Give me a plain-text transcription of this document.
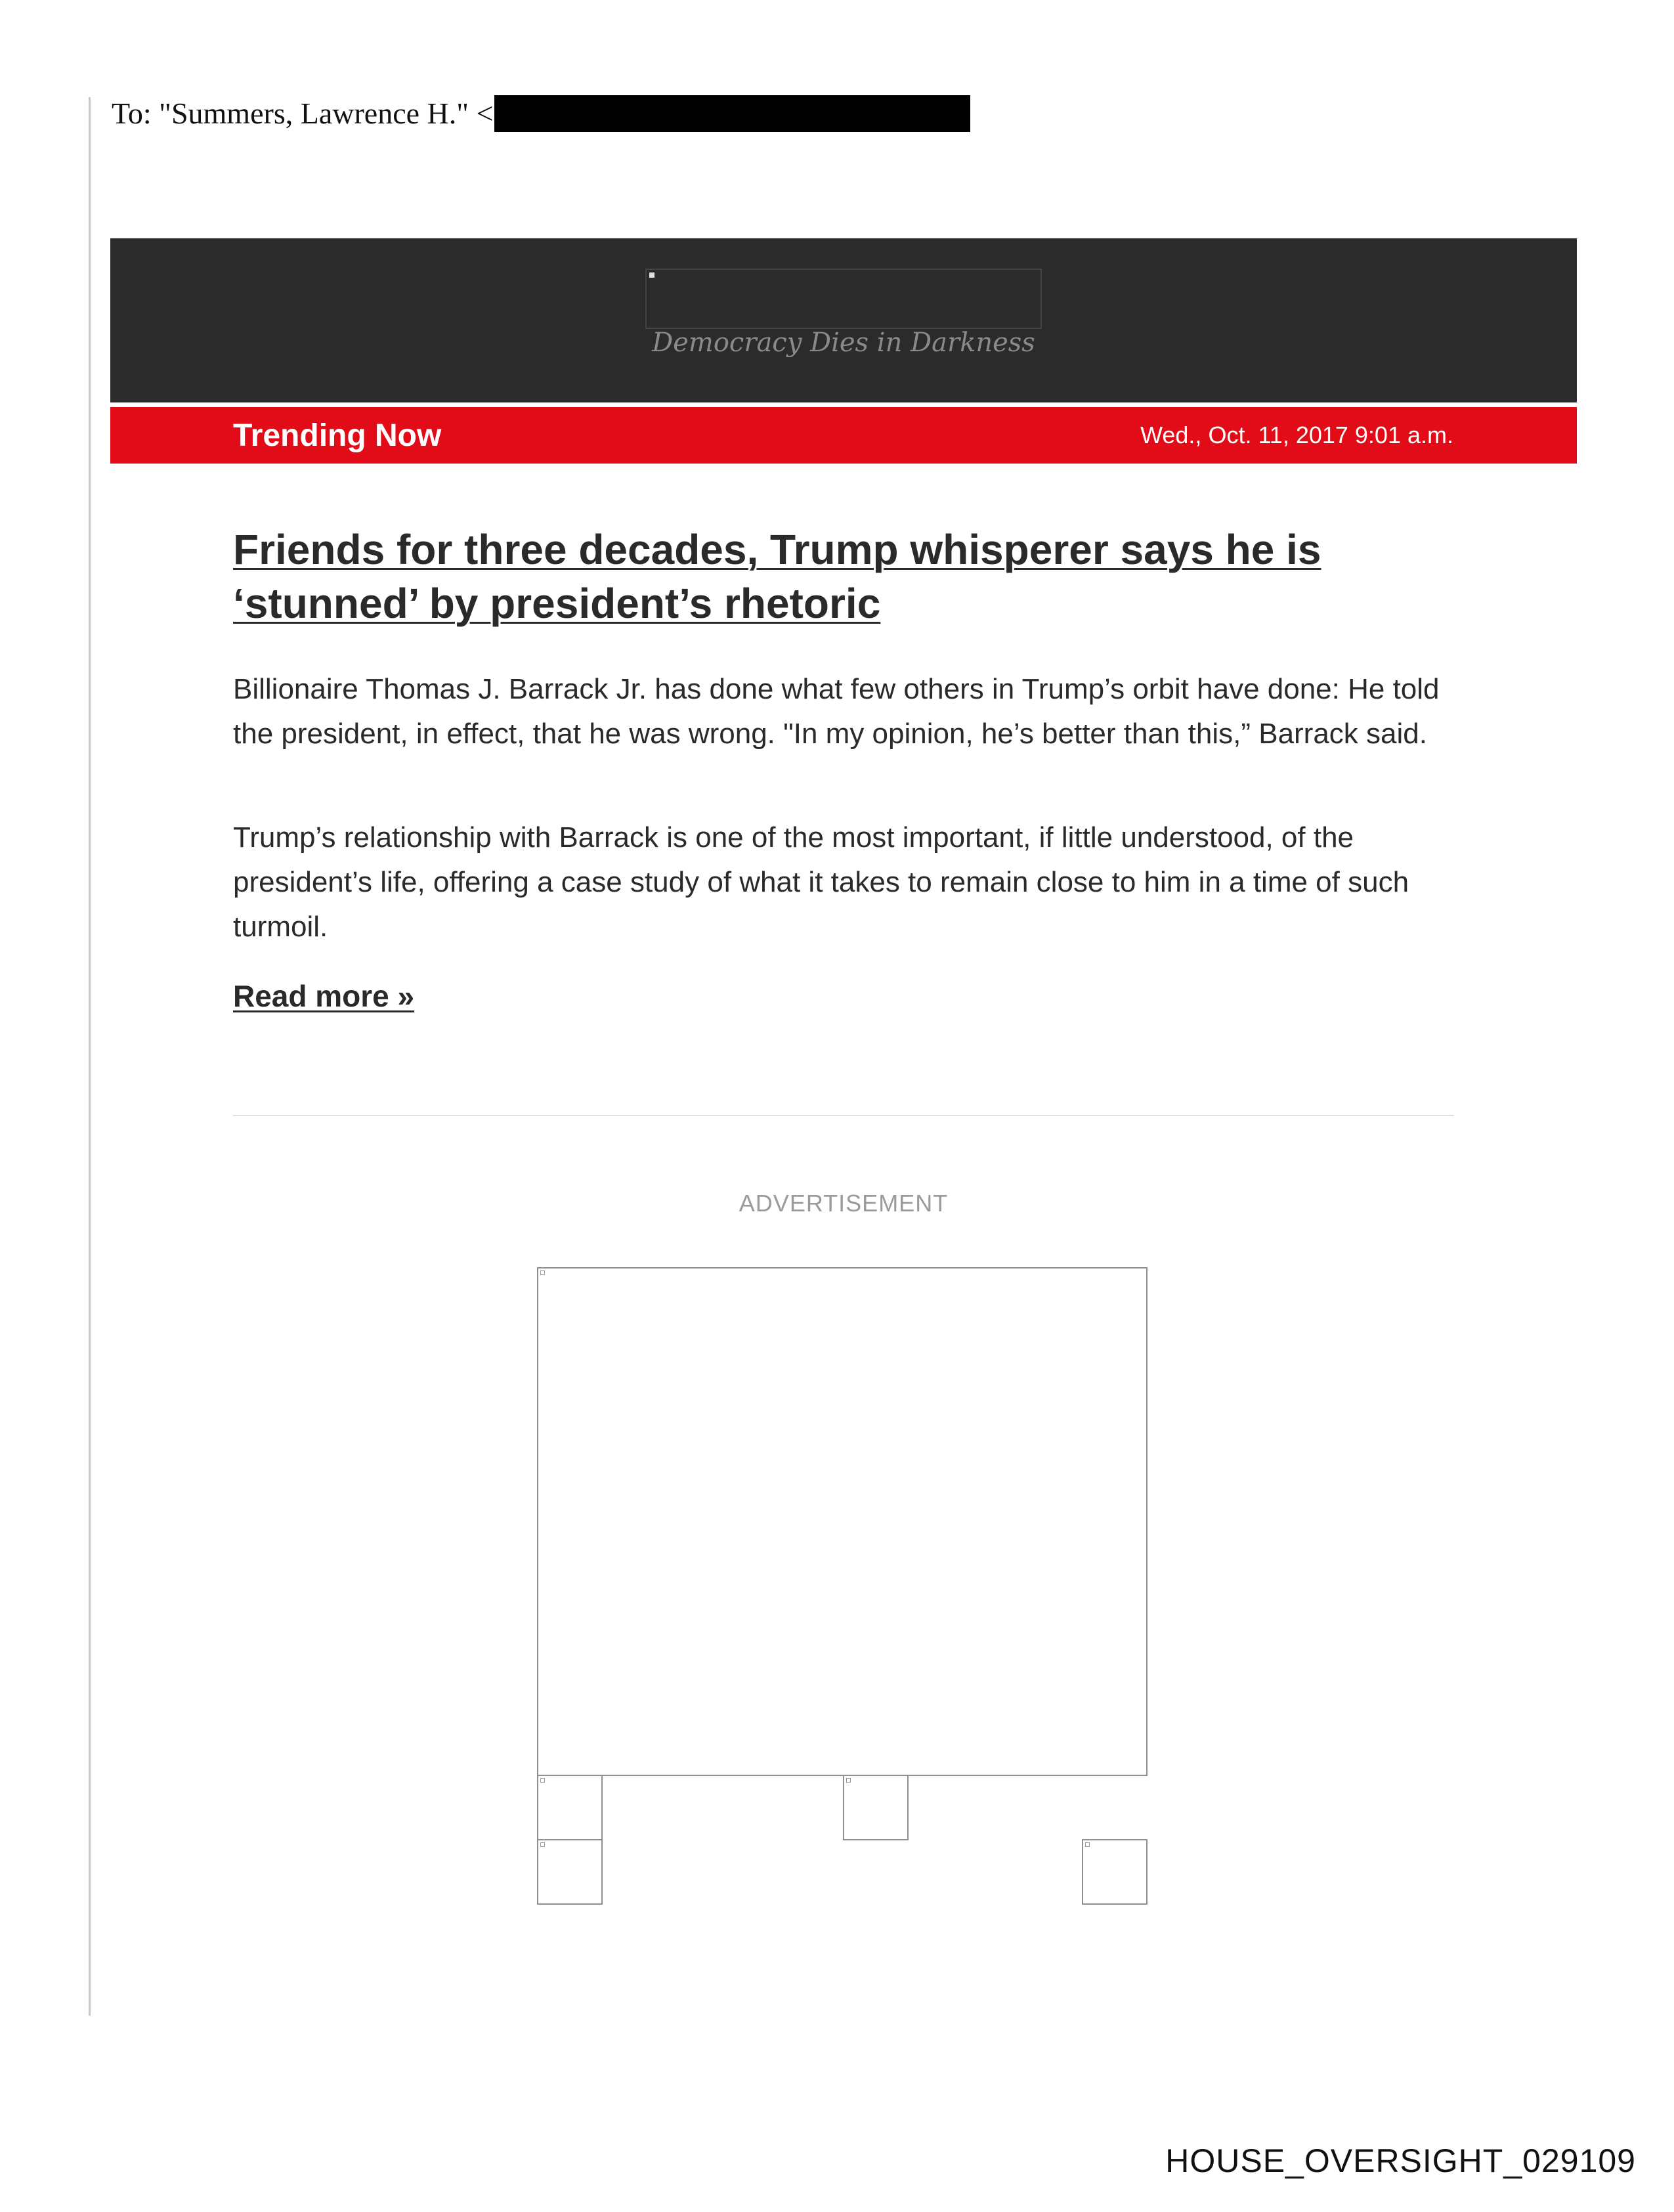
To: "Summers, Lawrence H." <
Democracy Dies in Darkness
Trending Now	Wed., Oct. 11, 2017 9:01 a.m.
Friends for three decades, Trump whisperer says he is ‘stunned’ by president’s rhetoric

Billionaire Thomas J. Barrack Jr. has done what few others in Trump’s orbit have done: He told the president, in effect, that he was wrong. "In my opinion, he’s better than this,” Barrack said.

Trump’s relationship with Barrack is one of the most important, if little understood, of the president’s life, offering a case study of what it takes to remain close to him in a time of such turmoil.

Read more »
ADVERTISEMENT
HOUSE_OVERSIGHT_029109
